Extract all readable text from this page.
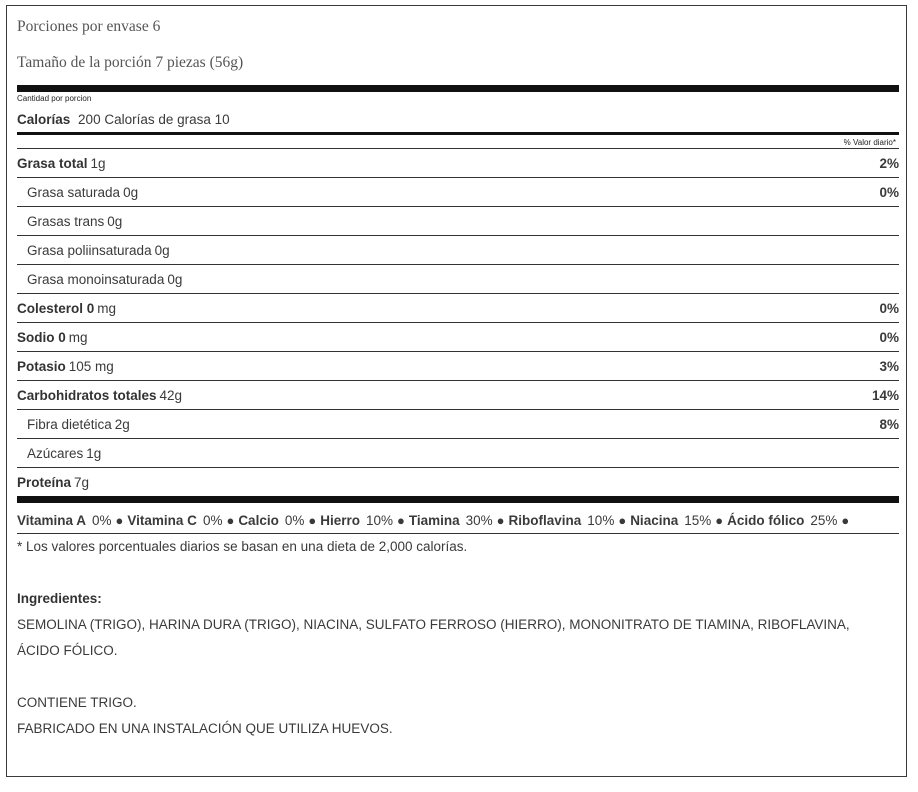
Porciones por envase 6
Tamaño de la porción 7 piezas (56g)
Cantidad por porcion
Calorías 200 Calorías de grasa 10
% Valor diario*
Grasa total 1g	2%
Grasa saturada 0g	0%
Grasas trans 0g
Grasa poliinsaturada 0g
Grasa monoinsaturada 0g
Colesterol 0 mg	0%
Sodio 0 mg	0%
Potasio 105 mg	3%
Carbohidratos totales 42g	14%
Fibra dietética 2g	8%
Azúcares 1g
Proteína 7g
Vitamina A 0% ● Vitamina C 0% ● Calcio 0% ● Hierro 10% ● Tiamina 30% ● Riboflavina 10% ● Niacina 15% ● Ácido fólico 25% ●
* Los valores porcentuales diarios se basan en una dieta de 2,000 calorías.
Ingredientes:
SEMOLINA (TRIGO), HARINA DURA (TRIGO), NIACINA, SULFATO FERROSO (HIERRO), MONONITRATO DE TIAMINA, RIBOFLAVINA,
ÁCIDO FÓLICO.
CONTIENE TRIGO.
FABRICADO EN UNA INSTALACIÓN QUE UTILIZA HUEVOS.
